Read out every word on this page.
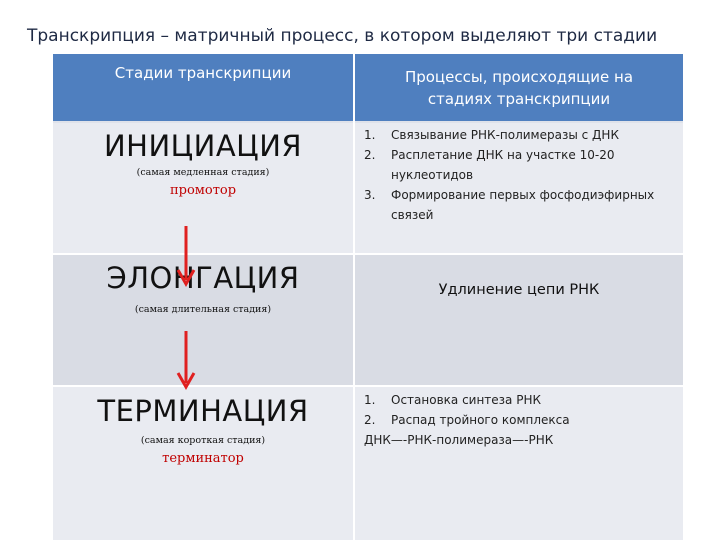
Транскрипция – матричный процесс, в котором выделяют три стадии
Стадии транскрипции	Процессы, происходящие на
стадиях транскрипции
ИНИЦИАЦИЯ
(самая медленная стадия)
промотор
1. Связывание РНК-полимеразы с ДНК
2. Расплетание ДНК на участке 10-20
нуклеотидов
3. Формирование первых фосфодиэфирных
связей
ЭЛОНГАЦИЯ
(самая длительная стадия)
Удлинение цепи РНК
ТЕРМИНАЦИЯ
(самая короткая стадия)
терминатор
1. Остановка синтеза РНК
2. Распад тройного комплекса
ДНК—-РНК-полимераза—-РНК
